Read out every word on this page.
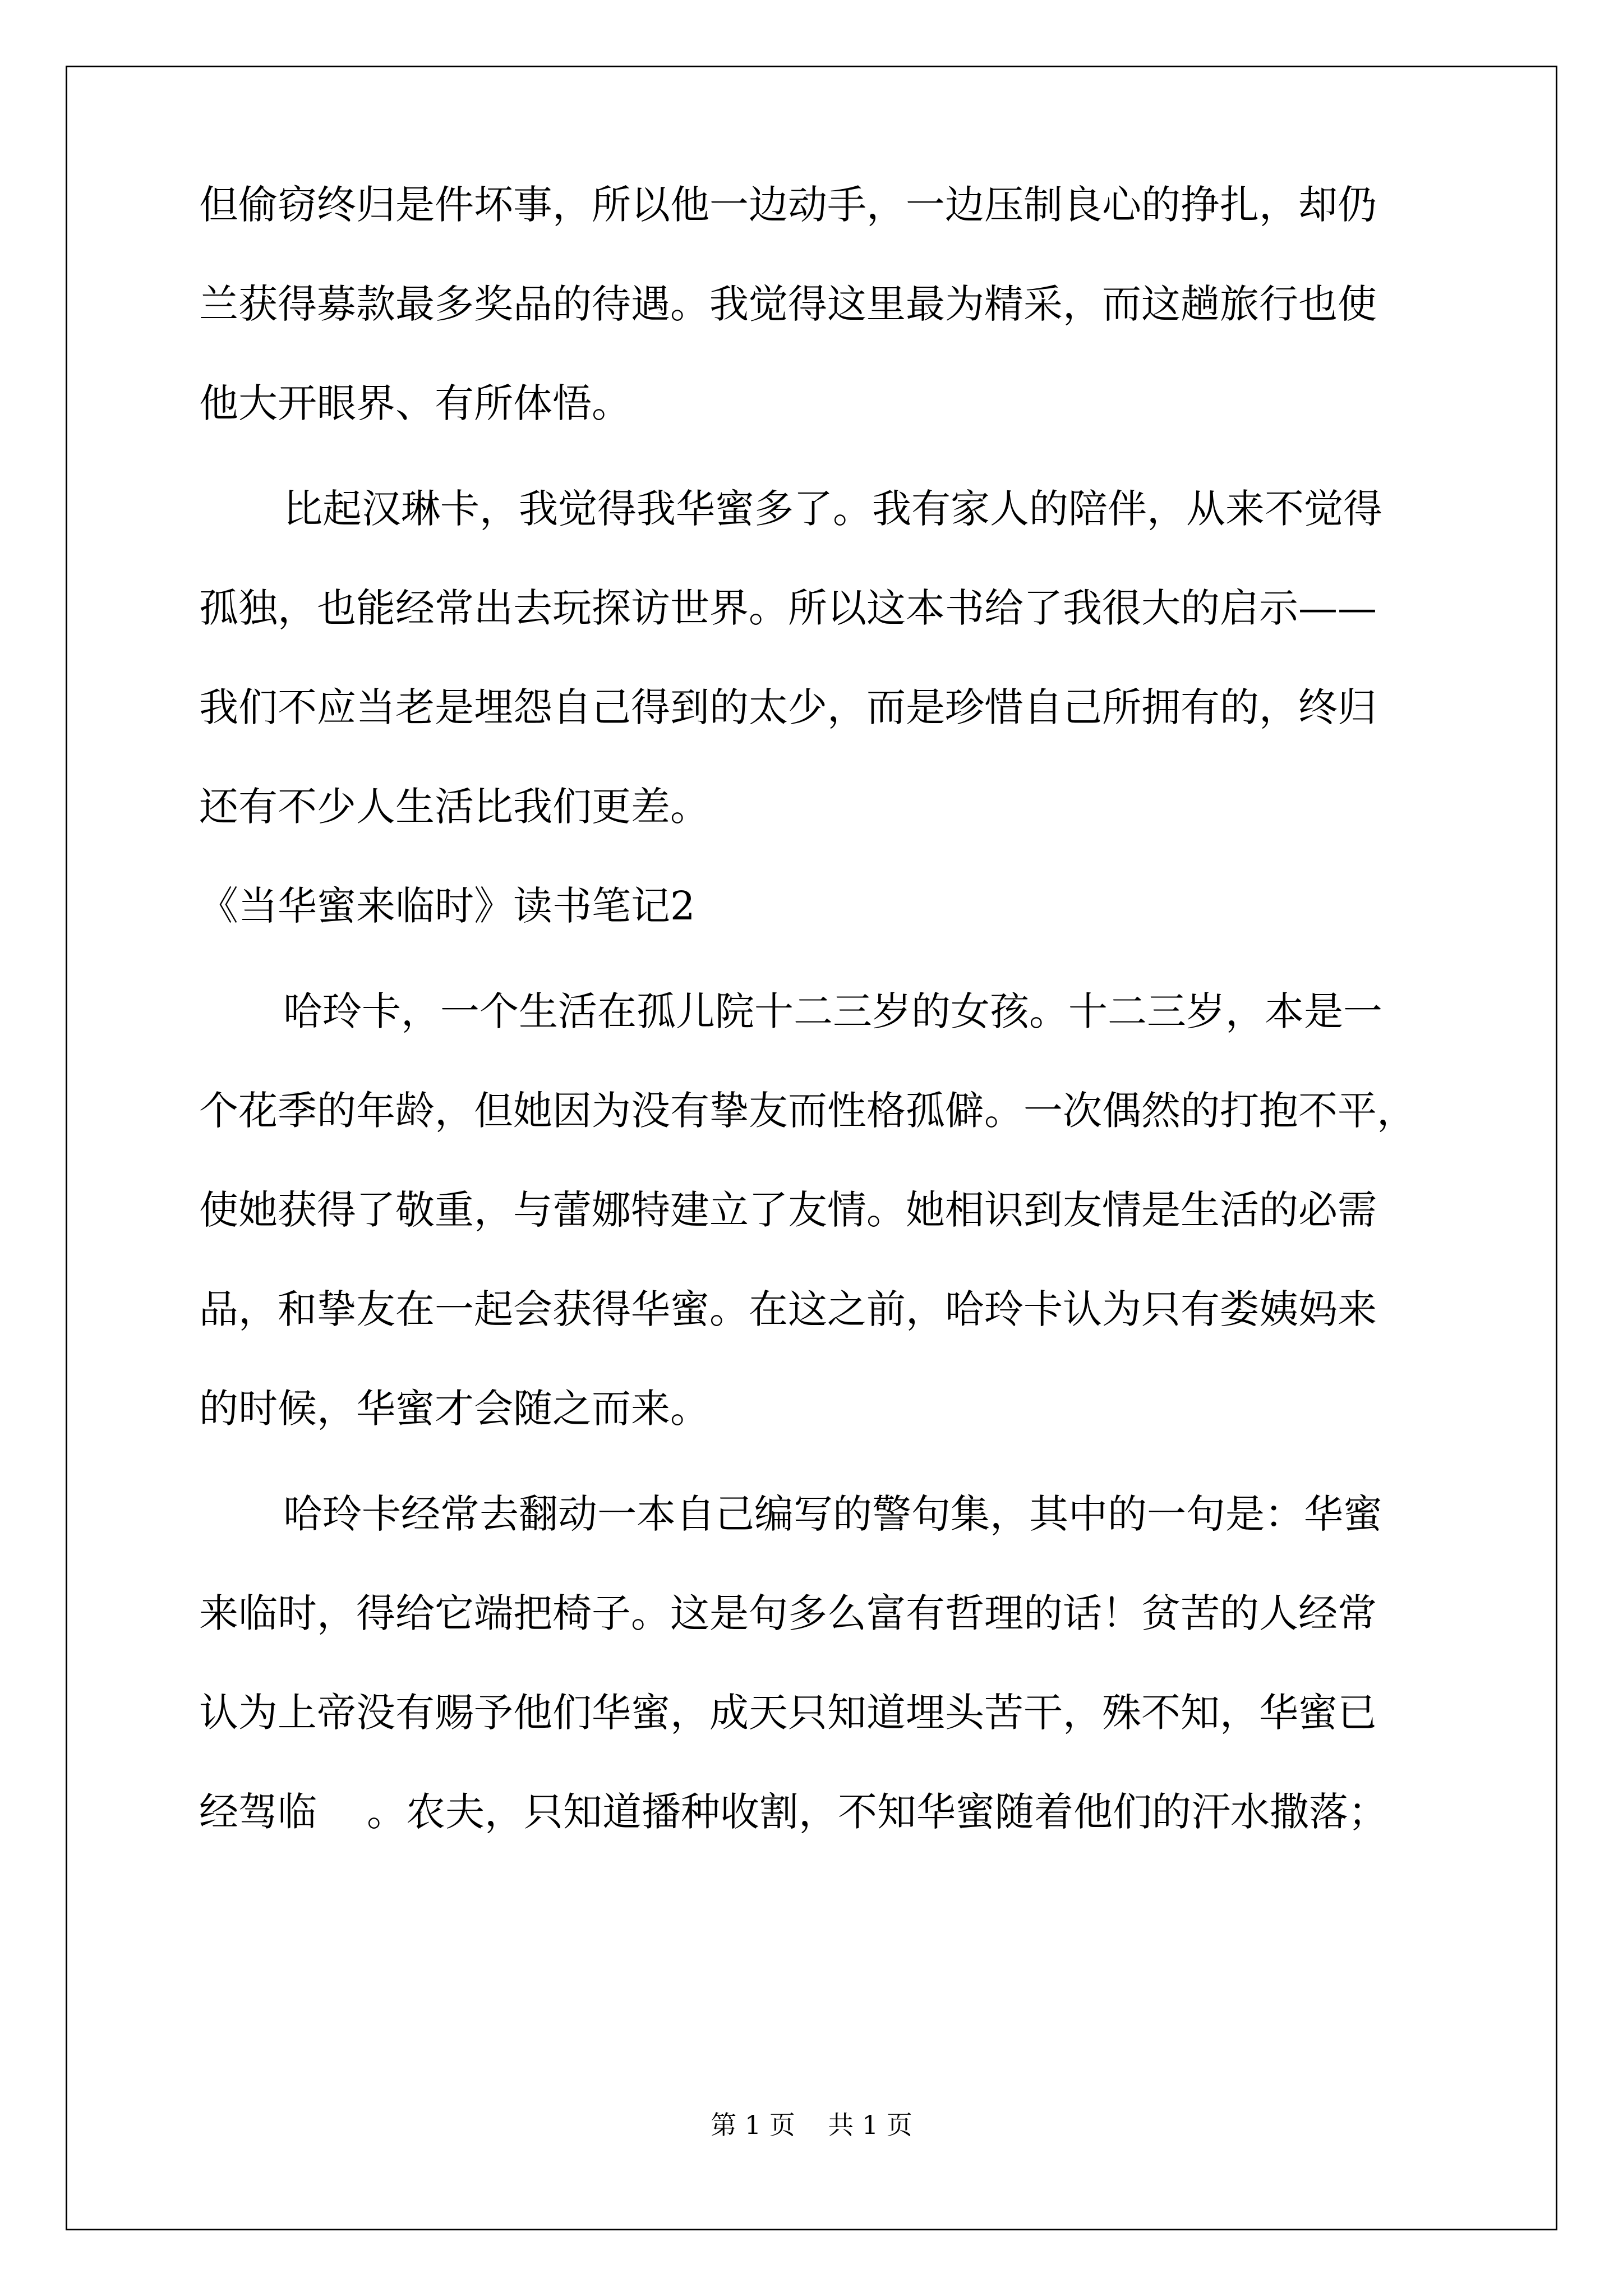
但偷窃终归是件坏事，所以他一边动手，一边压制良心的挣扎，却仍
兰获得募款最多奖品的待遇。我觉得这里最为精采，而这趟旅行也使
他大开眼界、有所体悟。
比起汉琳卡，我觉得我华蜜多了。我有家人的陪伴，从来不觉得
孤独，也能经常出去玩探访世界。所以这本书给了我很大的启示——
我们不应当老是埋怨自己得到的太少，而是珍惜自己所拥有的，终归
还有不少人生活比我们更差。
《当华蜜来临时》读书笔记2
哈玲卡，一个生活在孤儿院十二三岁的女孩。十二三岁，本是一
个花季的年龄，但她因为没有挚友而性格孤僻。一次偶然的打抱不平，
使她获得了敬重，与蕾娜特建立了友情。她相识到友情是生活的必需
品，和挚友在一起会获得华蜜。在这之前，哈玲卡认为只有娄姨妈来
的时候，华蜜才会随之而来。
哈玲卡经常去翻动一本自己编写的警句集，其中的一句是：华蜜
来临时，得给它端把椅子。这是句多么富有哲理的话！贫苦的人经常
认为上帝没有赐予他们华蜜，成天只知道埋头苦干，殊不知，华蜜已
经驾临    。农夫，只知道播种收割，不知华蜜随着他们的汗水撒落；
第 1 页    共 1 页
